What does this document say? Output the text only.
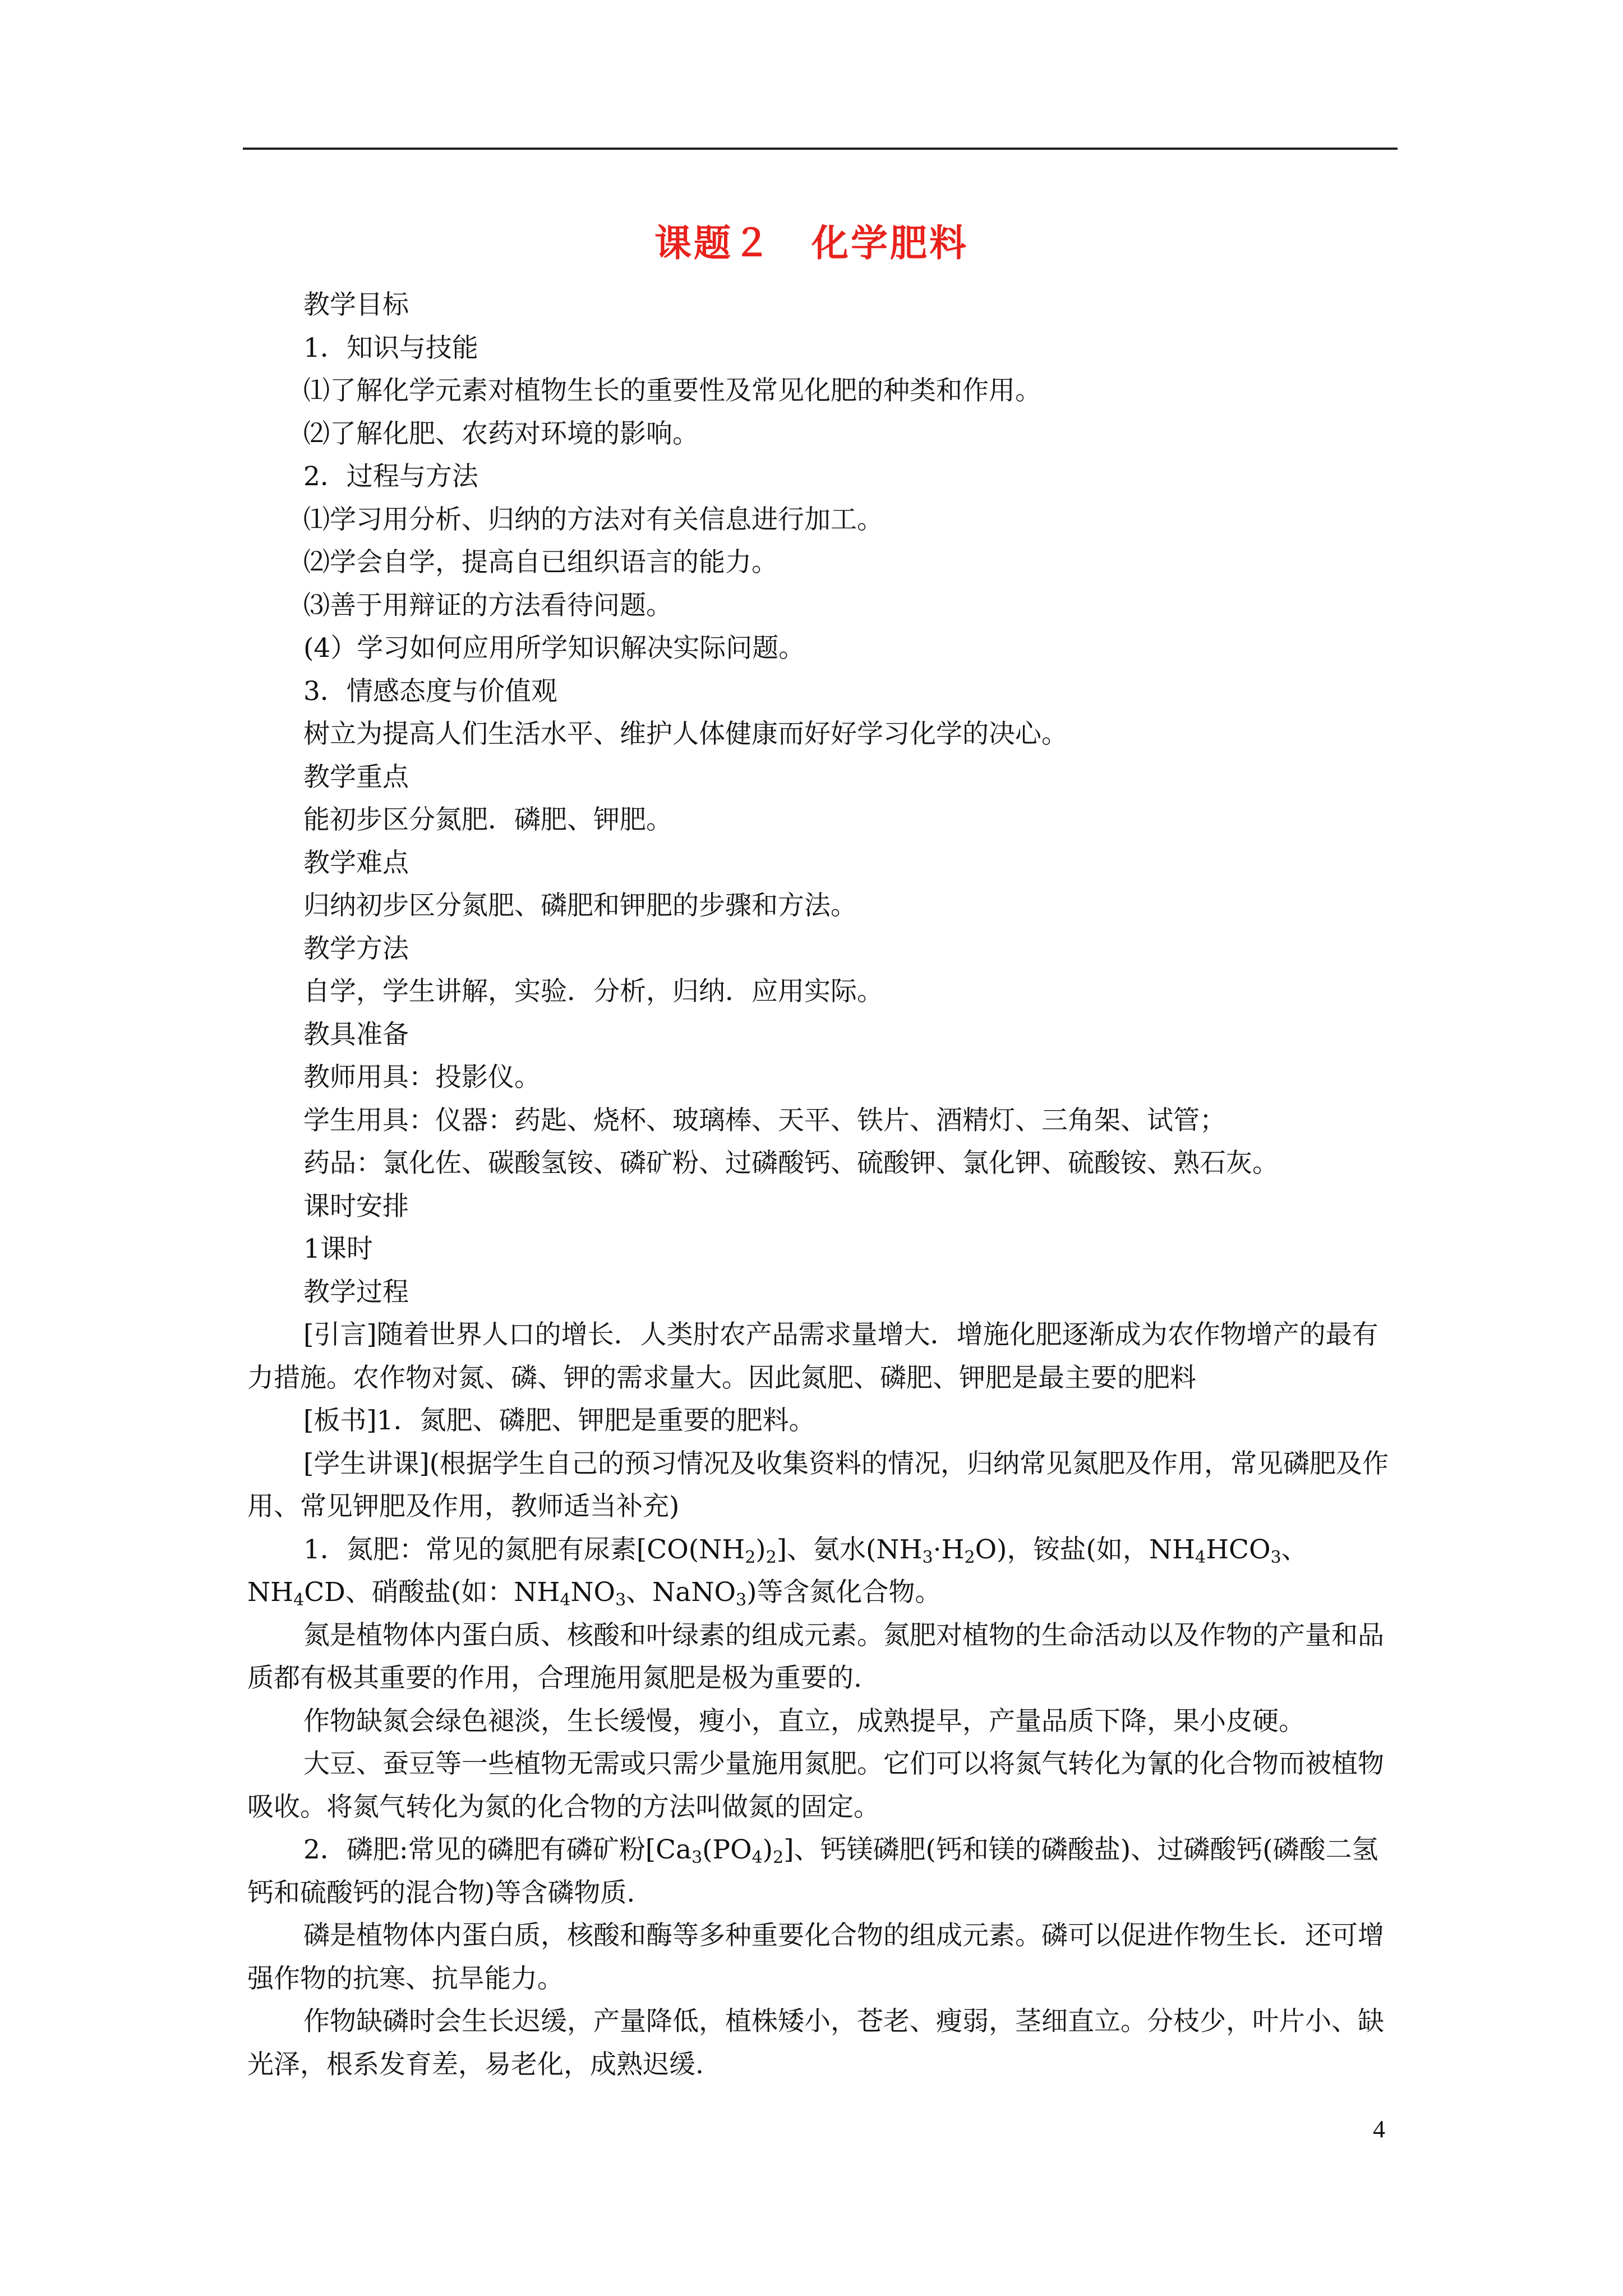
课题２　化学肥料
教学目标
1．知识与技能
⑴了解化学元素对植物生长的重要性及常见化肥的种类和作用。
⑵了解化肥、农药对环境的影响。
2．过程与方法
⑴学习用分析、归纳的方法对有关信息进行加工。
⑵学会自学，提高自已组织语言的能力。
⑶善于用辩证的方法看待问题。
(4）学习如何应用所学知识解决实际问题。
3．情感态度与价值观
树立为提高人们生活水平、维护人体健康而好好学习化学的决心。
教学重点
能初步区分氮肥．磷肥、钾肥。
教学难点
归纳初步区分氮肥、磷肥和钾肥的步骤和方法。
教学方法
自学，学生讲解，实验．分析，归纳．应用实际。
教具准备
教师用具：投影仪。
学生用具：仪器：药匙、烧杯、玻璃棒、天平、铁片、酒精灯、三角架、试管；
药品：氯化佐、碳酸氢铵、磷矿粉、过磷酸钙、硫酸钾、氯化钾、硫酸铵、熟石灰。
课时安排
1课时
教学过程
[引言]随着世界人口的增长．人类肘农产品需求量增大．增施化肥逐渐成为农作物增产的最有力措施。农作物对氮、磷、钾的需求量大。因此氮肥、磷肥、钾肥是最主要的肥料
[板书]1．氮肥、磷肥、钾肥是重要的肥料。
[学生讲课](根据学生自己的预习情况及收集资料的情况，归纳常见氮肥及作用，常见磷肥及作用、常见钾肥及作用，教师适当补充)
1．氮肥：常见的氮肥有尿素$[CO(NH_2)_2]$、氨水$(NH_3\cdot H_2O)$，铵盐(如，$NH_4HCO_3$、$NH_4CD$、硝酸盐(如：$NH_4NO_3$、NaNO$_3$)等含氮化合物。
氮是植物体内蛋白质、核酸和叶绿素的组成元素。氮肥对植物的生命活动以及作物的产量和品质都有极其重要的作用，合理施用氮肥是极为重要的.
作物缺氮会绿色褪淡，生长缓慢，瘦小，直立，成熟提早，产量品质下降，果小皮硬。
大豆、蚕豆等一些植物无需或只需少量施用氮肥。它们可以将氮气转化为氰的化合物而被植物吸收。将氮气转化为氮的化合物的方法叫做氮的固定。
2．磷肥:常见的磷肥有磷矿粉$[Ca_3(PO_4)_2]$、钙镁磷肥(钙和镁的磷酸盐)、过磷酸钙(磷酸二氢钙和硫酸钙的混合物)等含磷物质.
磷是植物体内蛋白质，核酸和酶等多种重要化合物的组成元素。磷可以促进作物生长．还可增强作物的抗寒、抗旱能力。
作物缺磷时会生长迟缓，产量降低，植株矮小，苍老、瘦弱，茎细直立。分枝少，叶片小、缺光泽，根系发育差，易老化，成熟迟缓.
4
